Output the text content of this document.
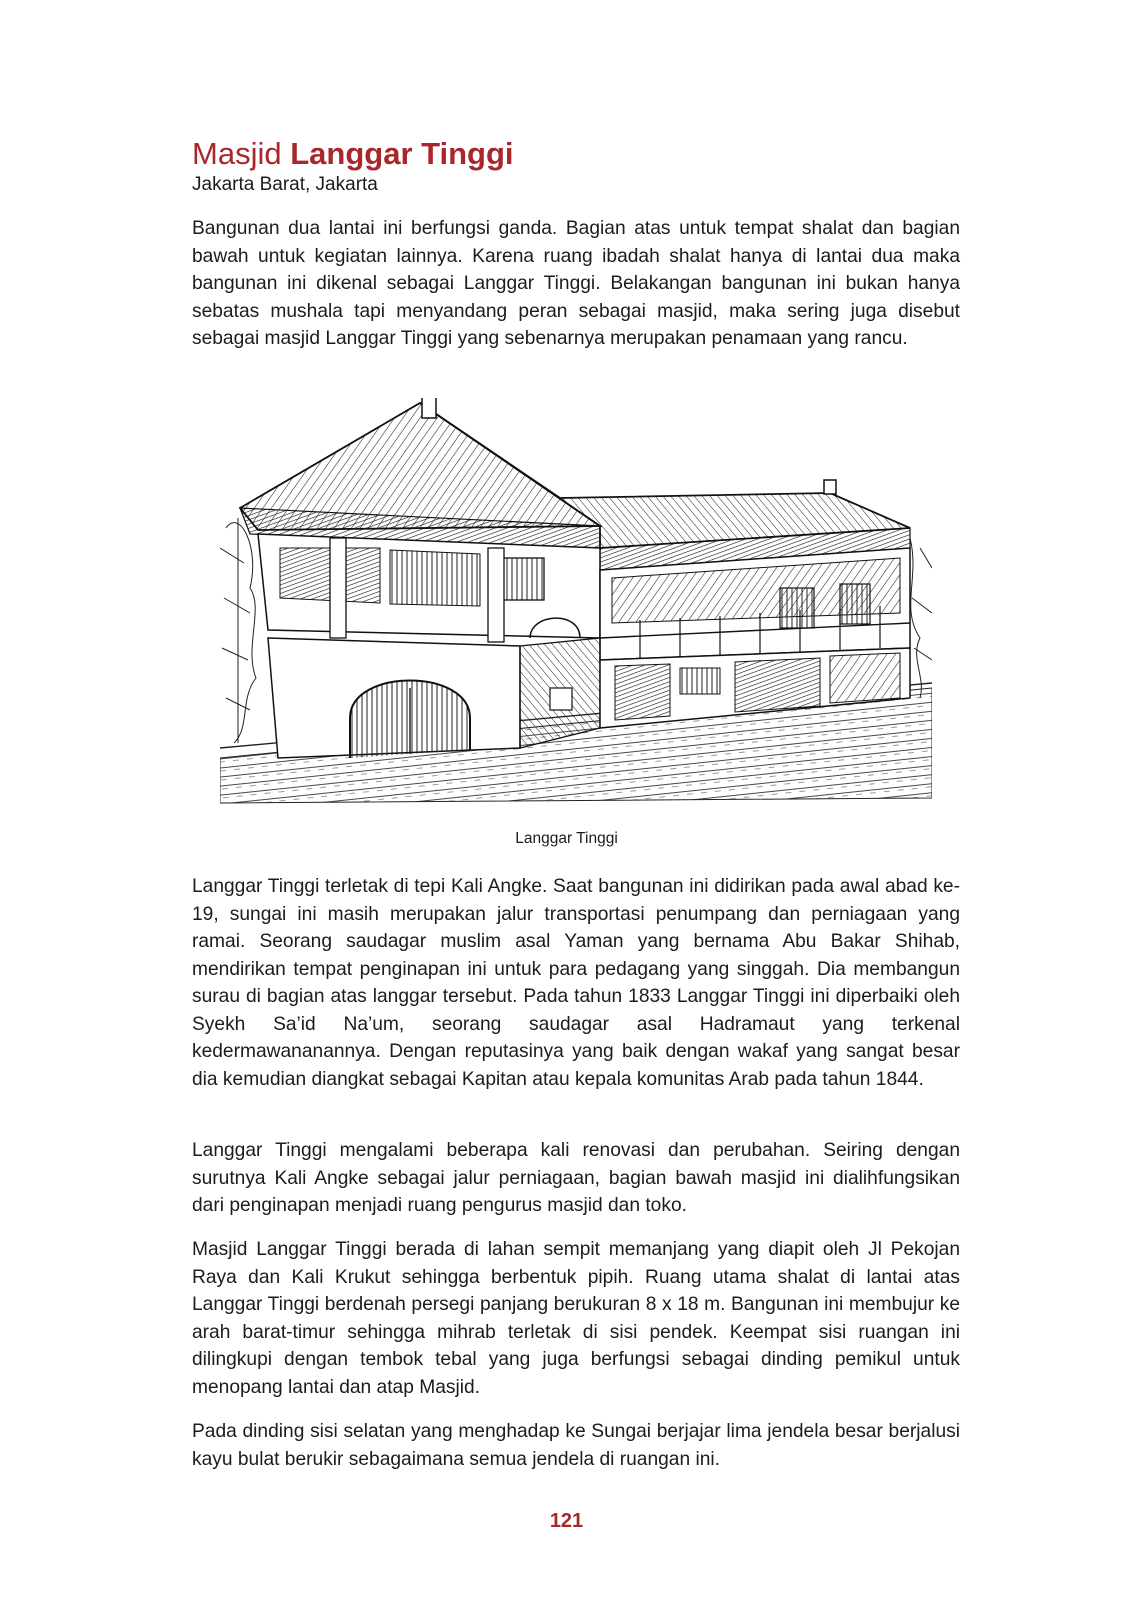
Masjid Langgar Tinggi
Jakarta Barat, Jakarta

Bangunan dua lantai ini berfungsi ganda. Bagian atas untuk tempat shalat dan bagian bawah untuk kegiatan lainnya. Karena ruang ibadah shalat hanya di lantai dua maka bangunan ini dikenal sebagai Langgar Tinggi. Belakangan bangunan ini bukan hanya sebatas mushala tapi menyandang peran sebagai masjid, maka sering juga disebut sebagai masjid Langgar Tinggi yang sebenarnya merupakan penamaan yang rancu.

Langgar Tinggi

Langgar Tinggi terletak di tepi Kali Angke. Saat bangunan ini didirikan pada awal abad ke-19, sungai ini masih merupakan jalur transportasi penumpang dan perniagaan yang ramai. Seorang saudagar muslim asal Yaman yang bernama Abu Bakar Shihab, mendirikan tempat penginapan ini untuk para pedagang yang singgah. Dia membangun surau di bagian atas langgar tersebut. Pada tahun 1833 Langgar Tinggi ini diperbaiki oleh Syekh Sa’id Na’um, seorang saudagar asal Hadramaut yang terkenal kedermawananannya. Dengan reputasinya yang baik dengan wakaf yang sangat besar dia kemudian diangkat sebagai Kapitan atau kepala komunitas Arab pada tahun 1844.

Langgar Tinggi mengalami beberapa kali renovasi dan perubahan. Seiring dengan surutnya Kali Angke sebagai jalur perniagaan, bagian bawah masjid ini dialihfungsikan dari penginapan menjadi ruang pengurus masjid dan toko.

Masjid Langgar Tinggi berada di lahan sempit memanjang yang diapit oleh Jl Pekojan Raya dan Kali Krukut sehingga berbentuk pipih. Ruang utama shalat di lantai atas Langgar Tinggi berdenah persegi panjang berukuran 8 x 18 m. Bangunan ini membujur ke arah barat-timur sehingga mihrab terletak di sisi pendek. Keempat sisi ruangan ini dilingkupi dengan tembok tebal yang juga berfungsi sebagai dinding pemikul untuk menopang lantai dan atap Masjid.

Pada dinding sisi selatan yang menghadap ke Sungai berjajar lima jendela besar berjalusi kayu bulat berukir sebagaimana semua jendela di ruangan ini.

121
